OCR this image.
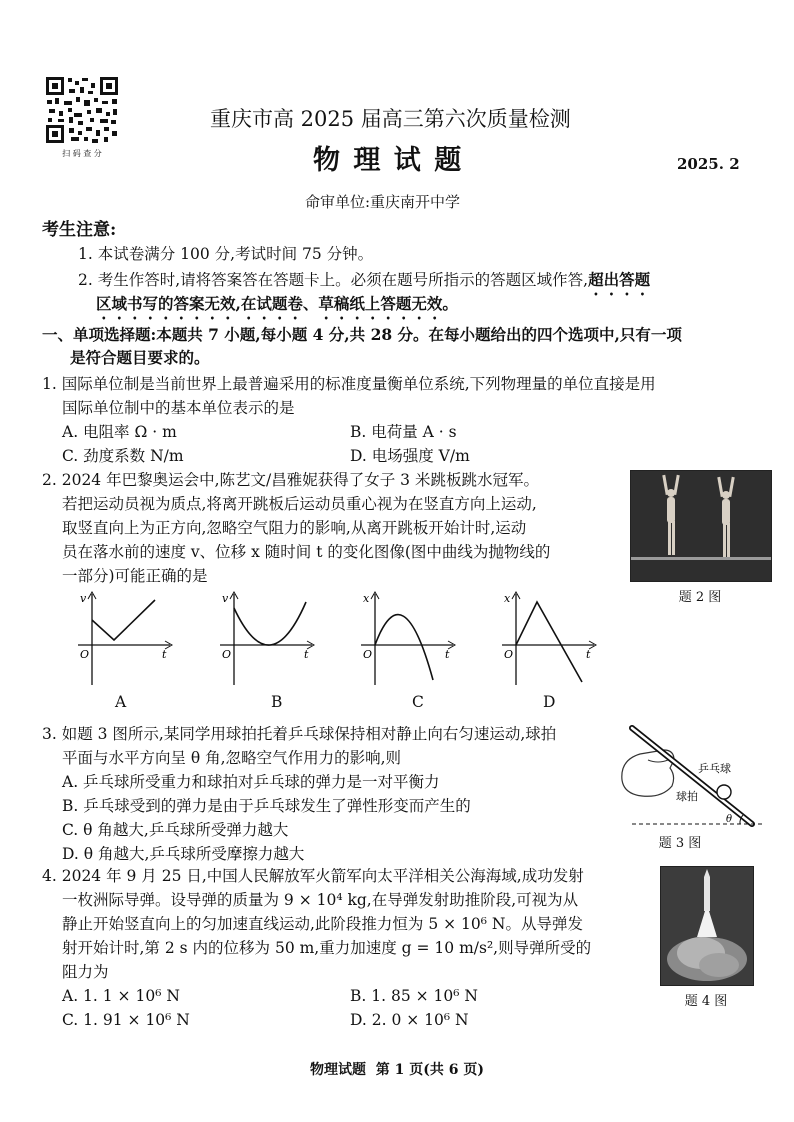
扫 码 查 分
重庆市高 2025 届高三第六次质量检测
物 理 试 题	2025. 2
命审单位:重庆南开中学
考生注意:
1. 本试卷满分 100 分,考试时间 75 分钟。
2. 考生作答时,请将答案答在答题卡上。必须在题号所指示的答题区域作答,超出答题
区域书写的答案无效,在试题卷、草稿纸上答题无效。
一、单项选择题:本题共 7 小题,每小题 4 分,共 28 分。在每小题给出的四个选项中,只有一项
是符合题目要求的。
1. 国际单位制是当前世界上最普遍采用的标准度量衡单位系统,下列物理量的单位直接是用
国际单位制中的基本单位表示的是
A. 电阻率 Ω · m	B. 电荷量 A · s
C. 劲度系数 N/m	D. 电场强度 V/m
2. 2024 年巴黎奥运会中,陈艺文/昌雅妮获得了女子 3 米跳板跳水冠军。
若把运动员视为质点,将离开跳板后运动员重心视为在竖直方向上运动,
取竖直向上为正方向,忽略空气阻力的影响,从离开跳板开始计时,运动
员在落水前的速度 v、位移 x 随时间 t 的变化图像(图中曲线为抛物线的
一部分)可能正确的是
题 2 图
v
O	t
A
v
O	t
B
x
O	t
C
x
O	t
D
3. 如题 3 图所示,某同学用球拍托着乒乓球保持相对静止向右匀速运动,球拍
平面与水平方向呈 θ 角,忽略空气作用力的影响,则
A. 乒乓球所受重力和球拍对乒乓球的弹力是一对平衡力
B. 乒乓球受到的弹力是由于乒乓球发生了弹性形变而产生的
C. θ 角越大,乒乓球所受弹力越大
D. θ 角越大,乒乓球所受摩擦力越大
乒乓球
球拍
θ
题 3 图
4. 2024 年 9 月 25 日,中国人民解放军火箭军向太平洋相关公海海域,成功发射
一枚洲际导弹。设导弹的质量为 9 × 10⁴ kg,在导弹发射助推阶段,可视为从
静止开始竖直向上的匀加速直线运动,此阶段推力恒为 5 × 10⁶ N。从导弹发
射开始计时,第 2 s 内的位移为 50 m,重力加速度 g = 10 m/s²,则导弹所受的
阻力为
A. 1. 1 × 10⁶ N	B. 1. 85 × 10⁶ N
C. 1. 91 × 10⁶ N	D. 2. 0 × 10⁶ N
题 4 图
物理试题  第 1 页(共 6 页)
